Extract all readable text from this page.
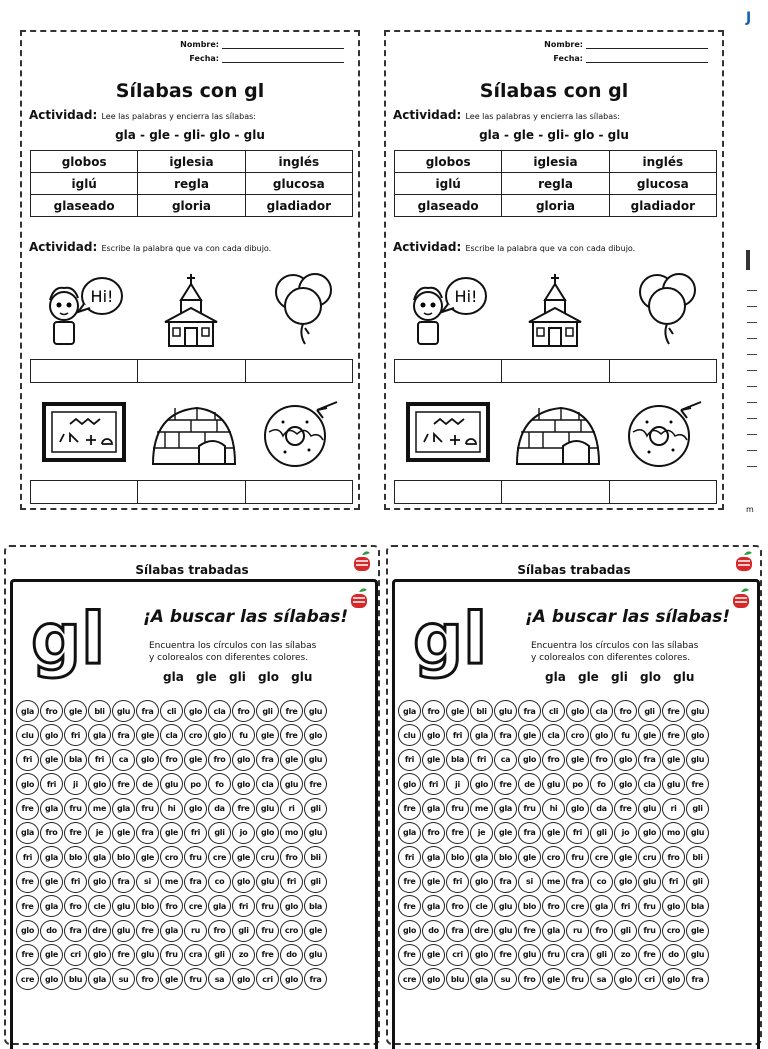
Nombre:
Fecha:
Sílabas con gl
Actividad: Lee las palabras y encierra las sílabas:
gla - gle - gli- glo - glu
globos	iglesia	inglés
iglú	regla	glucosa
glaseado	gloria	gladiador
Actividad: Escribe la palabra que va con cada dibujo.
Hi!
Nombre:
Fecha:
Sílabas con gl
Actividad: Lee las palabras y encierra las sílabas:
gla - gle - gli- glo - glu
globos	iglesia	inglés
iglú	regla	glucosa
glaseado	gloria	gladiador
Actividad: Escribe la palabra que va con cada dibujo.
Hi!
J
m
Sílabas trabadas
gl ¡A buscar las sílabas!
Encuentra los círculos con las sílabas
y colorealos con diferentes colores.
gla gle gli glo glu
gla	fro	gle	bli	glu	fra	cli	glo	cla	fro	gli	fre	glu
clu	glo	fri	gla	fra	gle	cla	cro	glo	fu	gle	fre	glo
fri	gle	bla	fri	ca	glo	fro	gle	fro	glo	fra	gle	glu
glo	fri	ji	glo	fre	de	glu	po	fo	glo	cla	glu	fre
fre	gla	fru	me	gla	fru	hi	glo	da	fre	glu	ri	gli
gla	fro	fre	je	gle	fra	gle	fri	gli	jo	glo	mo	glu
fri	gla	blo	gla	blo	gle	cro	fru	cre	gle	cru	fro	bli
fre	gle	fri	glo	fra	si	me	fra	co	glo	glu	fri	gli
fre	gla	fro	cle	glu	blo	fro	cre	gla	fri	fru	glo	bla
glo	do	fra	dre	glu	fre	gla	ru	fro	gli	fru	cro	gle
fre	gle	cri	glo	fre	glu	fru	cra	gli	zo	fre	do	glu
cre	glo	blu	gla	su	fro	gle	fru	sa	glo	cri	glo	fra
Sílabas trabadas
gl ¡A buscar las sílabas!
Encuentra los círculos con las sílabas
y colorealos con diferentes colores.
gla gle gli glo glu
gla	fro	gle	bli	glu	fra	cli	glo	cla	fro	gli	fre	glu
clu	glo	fri	gla	fra	gle	cla	cro	glo	fu	gle	fre	glo
fri	gle	bla	fri	ca	glo	fro	gle	fro	glo	fra	gle	glu
glo	fri	ji	glo	fre	de	glu	po	fo	glo	cla	glu	fre
fre	gla	fru	me	gla	fru	hi	glo	da	fre	glu	ri	gli
gla	fro	fre	je	gle	fra	gle	fri	gli	jo	glo	mo	glu
fri	gla	blo	gla	blo	gle	cro	fru	cre	gle	cru	fro	bli
fre	gle	fri	glo	fra	si	me	fra	co	glo	glu	fri	gli
fre	gla	fro	cle	glu	blo	fro	cre	gla	fri	fru	glo	bla
glo	do	fra	dre	glu	fre	gla	ru	fro	gli	fru	cro	gle
fre	gle	cri	glo	fre	glu	fru	cra	gli	zo	fre	do	glu
cre	glo	blu	gla	su	fro	gle	fru	sa	glo	cri	glo	fra
